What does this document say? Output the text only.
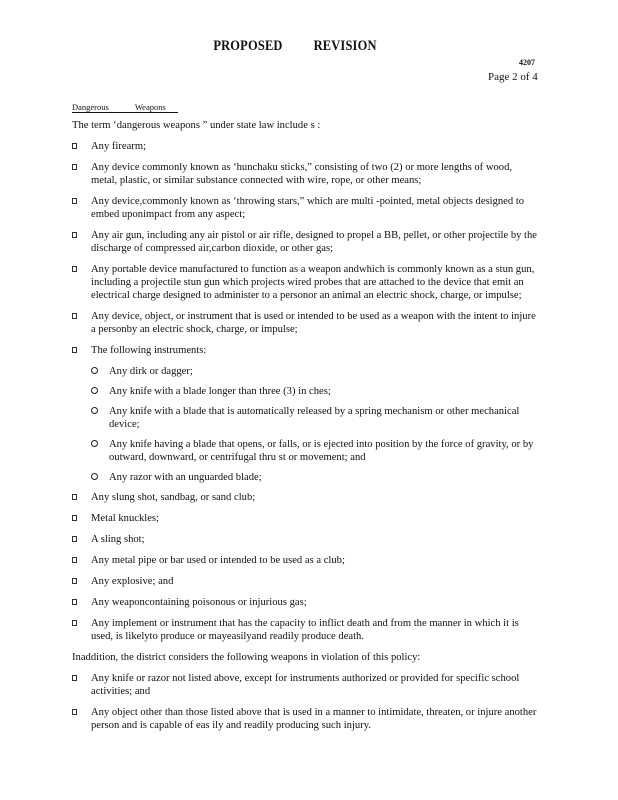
PROPOSED REVISION
4207
Page 2 of 4
Dangerous	Weapons

The term ‘dangerous weapons ” under state law include s :

Any firearm;
Any device commonly known as ‘hunchaku sticks,” consisting of two (2) or more lengths of wood, metal, plastic, or similar substance connected with wire, rope, or other means;
Any device,commonly known as ‘throwing stars,” which are multi -pointed, metal objects designed to embed uponimpact from any aspect;
Any air gun, including any air pistol or air rifle, designed to propel a BB, pellet, or other projectile by the discharge of compressed air,carbon dioxide, or other gas;
Any portable device manufactured to function as a weapon andwhich is commonly known as a stun gun, including a projectile stun gun which projects wired probes that are attached to the device that emit an electrical charge designed to administer to a personor an animal an electric shock, charge, or impulse;
Any device, object, or instrument that is used or intended to be used as a weapon with the intent to injure a personby an electric shock, charge, or impulse;
The following instruments:
Any dirk or dagger;
Any knife with a blade longer than three (3) in ches;
Any knife with a blade that is automatically released by a spring mechanism or other mechanical device;
Any knife having a blade that opens, or falls, or is ejected into position by the force of gravity, or by outward, downward, or centrifugal thru st or movement; and
Any razor with an unguarded blade;
Any slung shot, sandbag, or sand club;
Metal knuckles;
A sling shot;
Any metal pipe or bar used or intended to be used as a club;
Any explosive; and
Any weaponcontaining poisonous or injurious gas;
Any implement or instrument that has the capacity to inflict death and from the manner in which it is used, is likelyto produce or mayeasilyand readily produce death.

Inaddition, the district considers the following weapons in violation of this policy:

Any knife or razor not listed above, except for instruments authorized or provided for specific school activities; and
Any object other than those listed above that is used in a manner to intimidate, threaten, or injure another person and is capable of eas ily and readily producing such injury.
